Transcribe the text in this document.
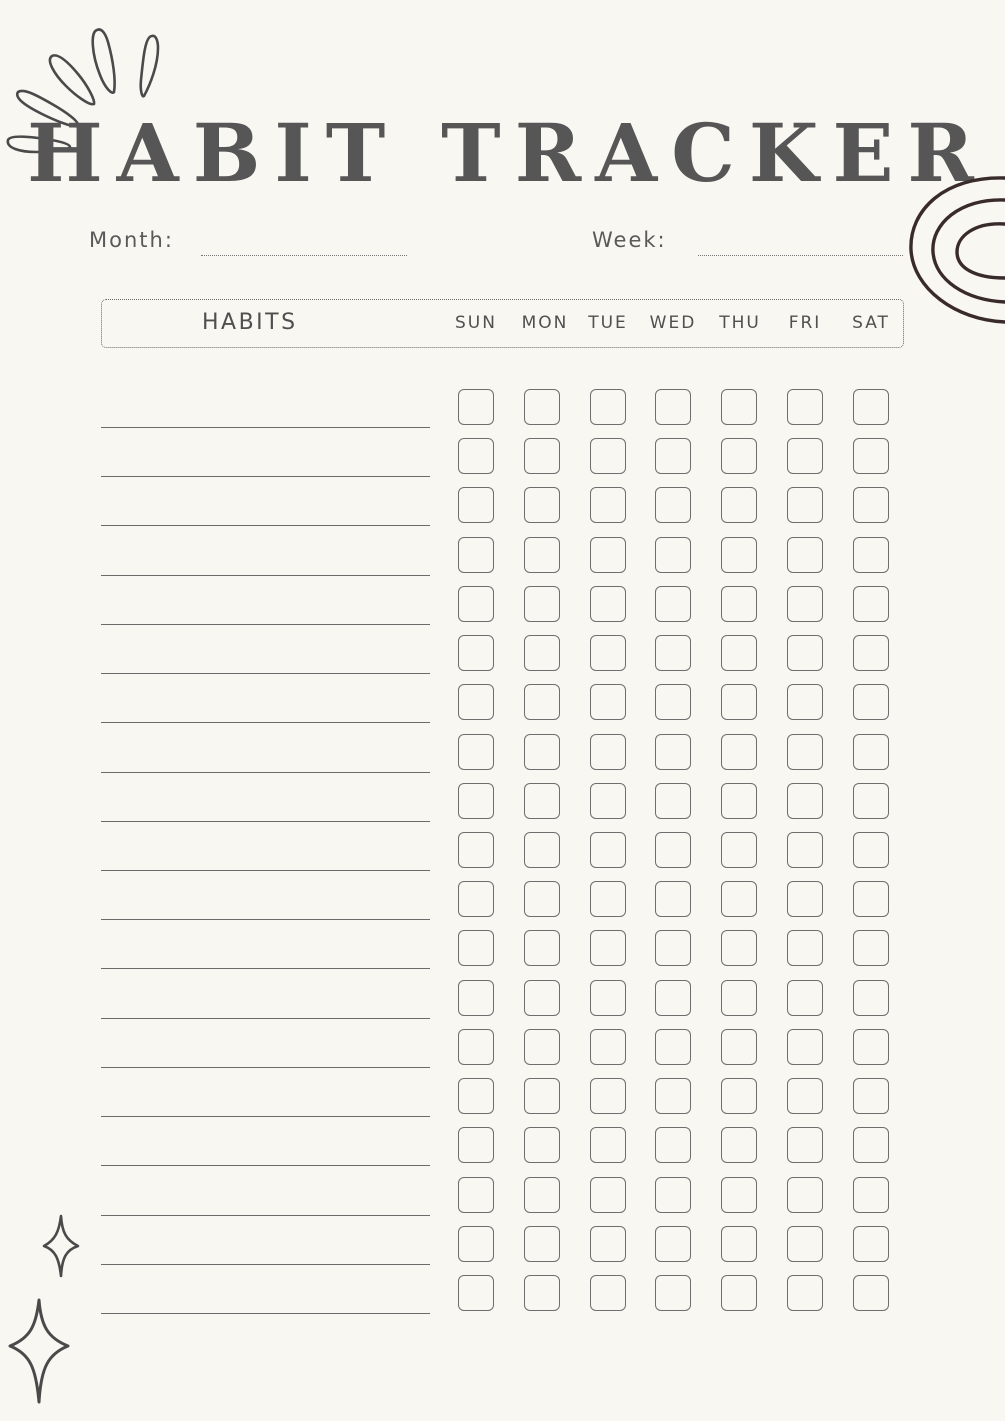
HABIT TRACKER
Month:	Week:
HABITS	SUN	MON	TUE	WED	THU	FRI	SAT
